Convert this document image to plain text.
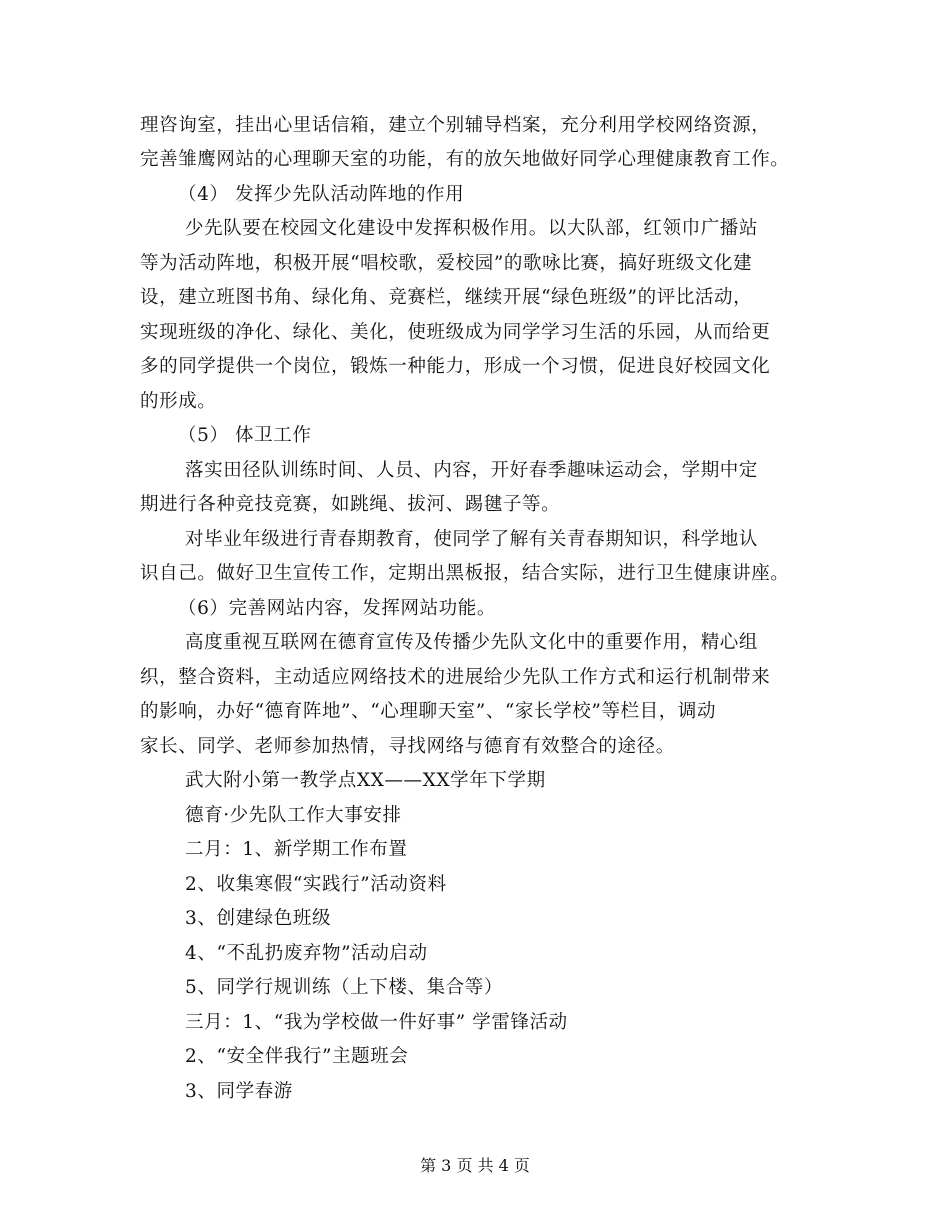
理咨询室，挂出心里话信箱，建立个别辅导档案，充分利用学校网络资源，
完善雏鹰网站的心理聊天室的功能，有的放矢地做好同学心理健康教育工作。
（4） 发挥少先队活动阵地的作用
少先队要在校园文化建设中发挥积极作用。以大队部，红领巾广播站
等为活动阵地，积极开展“唱校歌，爱校园”的歌咏比赛，搞好班级文化建
设，建立班图书角、绿化角、竞赛栏，继续开展“绿色班级”的评比活动，
实现班级的净化、绿化、美化，使班级成为同学学习生活的乐园，从而给更
多的同学提供一个岗位，锻炼一种能力，形成一个习惯，促进良好校园文化
的形成。
（5） 体卫工作
落实田径队训练时间、人员、内容，开好春季趣味运动会，学期中定
期进行各种竞技竞赛，如跳绳、拔河、踢毽子等。
对毕业年级进行青春期教育，使同学了解有关青春期知识，科学地认
识自己。做好卫生宣传工作，定期出黑板报，结合实际，进行卫生健康讲座。
（6）完善网站内容，发挥网站功能。
高度重视互联网在德育宣传及传播少先队文化中的重要作用，精心组
织，整合资料，主动适应网络技术的进展给少先队工作方式和运行机制带来
的影响，办好“德育阵地”、“心理聊天室”、“家长学校”等栏目，调动
家长、同学、老师参加热情，寻找网络与德育有效整合的途径。
武大附小第一教学点XX——XX学年下学期
德育·少先队工作大事安排
二月：1、新学期工作布置
2、收集寒假“实践行”活动资料
3、创建绿色班级
4、“不乱扔废弃物”活动启动
5、同学行规训练（上下楼、集合等）
三月：1、“我为学校做一件好事” 学雷锋活动
2、“安全伴我行”主题班会
3、同学春游
第 3 页 共 4 页
